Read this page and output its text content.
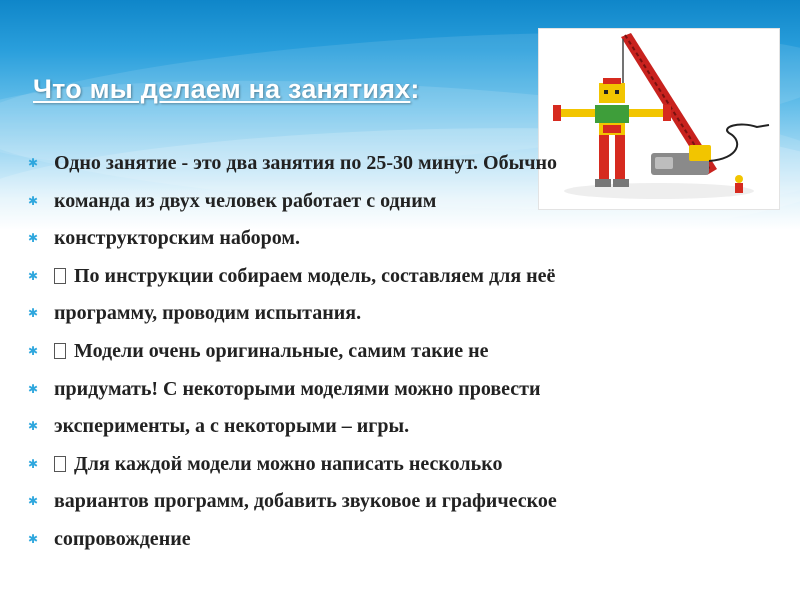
Что мы делаем на занятиях:
✱ Одно занятие - это два занятия по 25-30 минут. Обычно
✱ команда из двух человек работает с одним
✱ конструкторским набором.
✱ По инструкции собираем модель, составляем для неё
✱ программу, проводим испытания.
✱ Модели очень оригинальные, самим такие не
✱ придумать! С некоторыми моделями можно провести
✱ эксперименты, а с некоторыми – игры.
✱ Для каждой модели можно написать несколько
✱ вариантов программ, добавить звуковое и графическое
✱ сопровождение
